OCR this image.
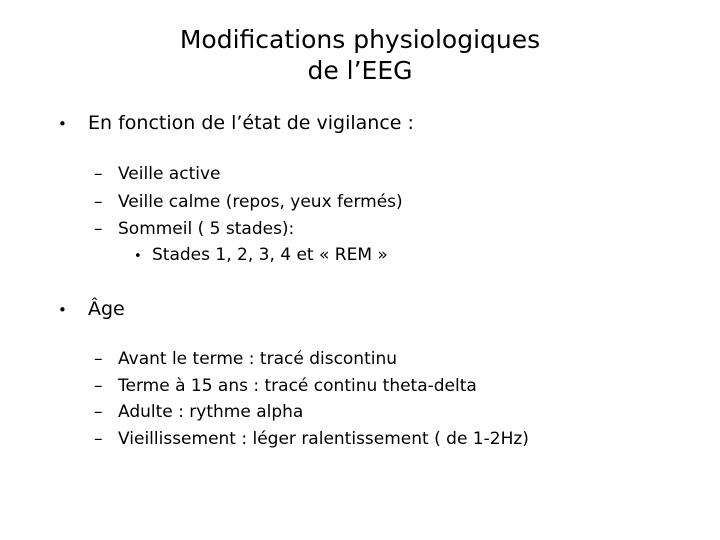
Modifications physiologiques
de l’EEG
• En fonction de l’état de vigilance :
– Veille active
– Veille calme (repos, yeux fermés)
– Sommeil ( 5 stades):
• Stades 1, 2, 3, 4 et « REM »
• Âge
– Avant le terme : tracé discontinu
– Terme à 15 ans : tracé continu theta-delta
– Adulte : rythme alpha
– Vieillissement : léger ralentissement ( de 1-2Hz)
